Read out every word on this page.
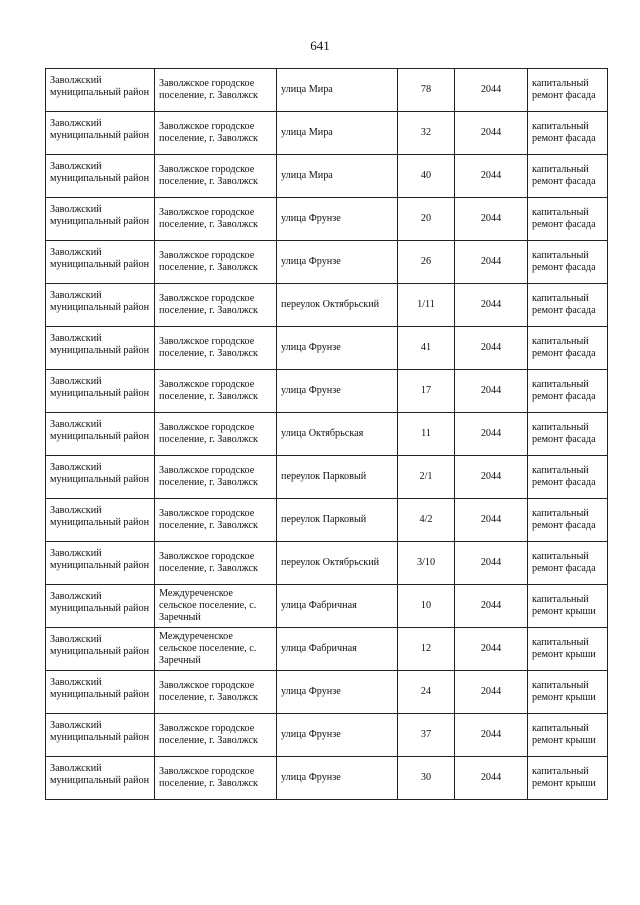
641
Заволжский муниципальный район	Заволжское городское поселение, г. Заволжск	улица Мира	78	2044	капитальный ремонт фасада

Заволжский муниципальный район	Заволжское городское поселение, г. Заволжск	улица Мира	32	2044	капитальный ремонт фасада

Заволжский муниципальный район	Заволжское городское поселение, г. Заволжск	улица Мира	40	2044	капитальный ремонт фасада

Заволжский муниципальный район	Заволжское городское поселение, г. Заволжск	улица Фрунзе	20	2044	капитальный ремонт фасада

Заволжский муниципальный район	Заволжское городское поселение, г. Заволжск	улица Фрунзе	26	2044	капитальный ремонт фасада

Заволжский муниципальный район	Заволжское городское поселение, г. Заволжск	переулок Октябрьский	1/11	2044	капитальный ремонт фасада

Заволжский муниципальный район	Заволжское городское поселение, г. Заволжск	улица Фрунзе	41	2044	капитальный ремонт фасада

Заволжский муниципальный район	Заволжское городское поселение, г. Заволжск	улица Фрунзе	17	2044	капитальный ремонт фасада

Заволжский муниципальный район	Заволжское городское поселение, г. Заволжск	улица Октябрьская	11	2044	капитальный ремонт фасада

Заволжский муниципальный район	Заволжское городское поселение, г. Заволжск	переулок Парковый	2/1	2044	капитальный ремонт фасада

Заволжский муниципальный район	Заволжское городское поселение, г. Заволжск	переулок Парковый	4/2	2044	капитальный ремонт фасада

Заволжский муниципальный район	Заволжское городское поселение, г. Заволжск	переулок Октябрьский	3/10	2044	капитальный ремонт фасада

Заволжский муниципальный район	Междуреченское сельское поселение, с. Заречный	улица Фабричная	10	2044	капитальный ремонт крыши

Заволжский муниципальный район	Междуреченское сельское поселение, с. Заречный	улица Фабричная	12	2044	капитальный ремонт крыши

Заволжский муниципальный район	Заволжское городское поселение, г. Заволжск	улица Фрунзе	24	2044	капитальный ремонт крыши

Заволжский муниципальный район	Заволжское городское поселение, г. Заволжск	улица Фрунзе	37	2044	капитальный ремонт крыши

Заволжский муниципальный район	Заволжское городское поселение, г. Заволжск	улица Фрунзе	30	2044	капитальный ремонт крыши
